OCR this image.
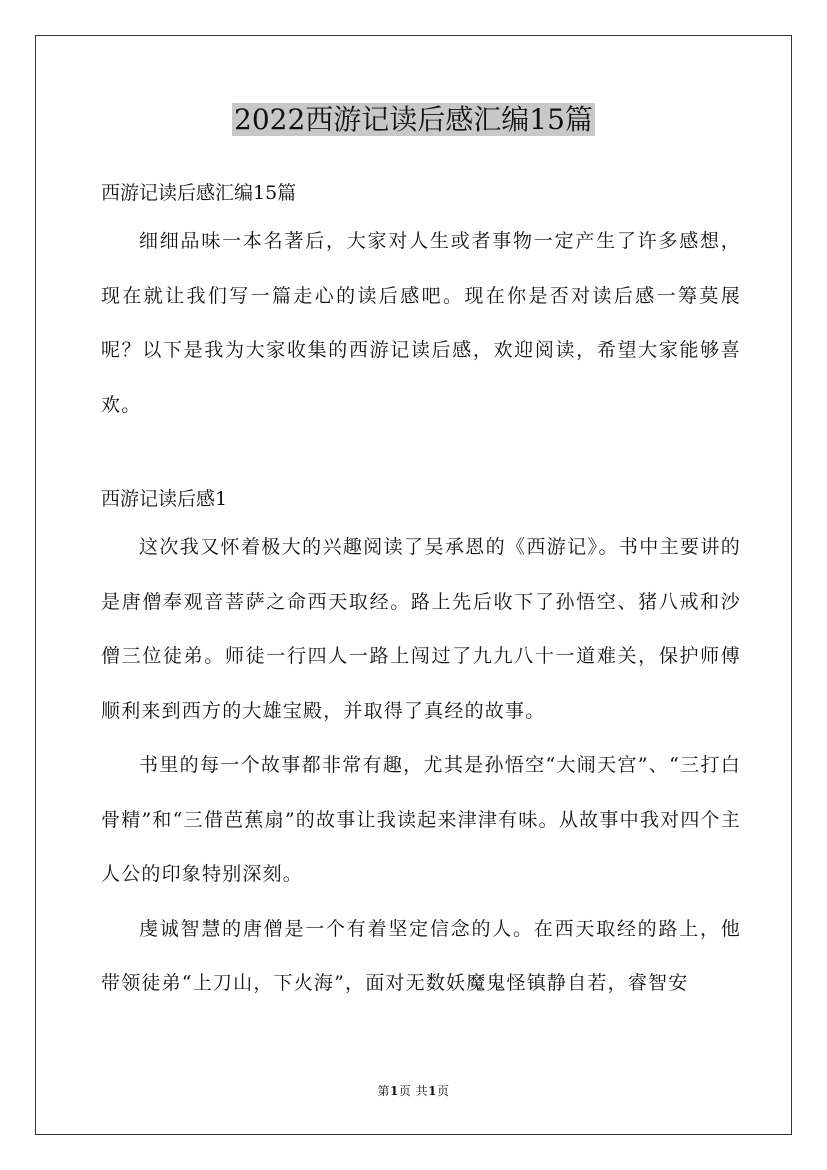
2022西游记读后感汇编15篇

西游记读后感汇编15篇

细细品味一本名著后，大家对人生或者事物一定产生了许多感想，现在就让我们写一篇走心的读后感吧。现在你是否对读后感一筹莫展呢？以下是我为大家收集的西游记读后感，欢迎阅读，希望大家能够喜欢。

西游记读后感1

这次我又怀着极大的兴趣阅读了吴承恩的《西游记》。书中主要讲的是唐僧奉观音菩萨之命西天取经。路上先后收下了孙悟空、猪八戒和沙僧三位徒弟。师徒一行四人一路上闯过了九九八十一道难关，保护师傅顺利来到西方的大雄宝殿，并取得了真经的故事。

书里的每一个故事都非常有趣，尤其是孙悟空“大闹天宫”、“三打白骨精”和“三借芭蕉扇”的故事让我读起来津津有味。从故事中我对四个主人公的印象特别深刻。

虔诚智慧的唐僧是一个有着坚定信念的人。在西天取经的路上，他带领徒弟“上刀山，下火海”，面对无数妖魔鬼怪镇静自若，睿智安

第1页 共1页
